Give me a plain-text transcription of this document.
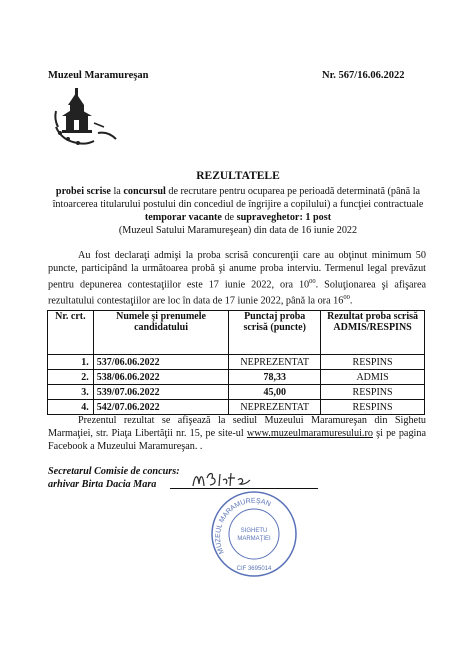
Muzeul Maramureşan	Nr. 567/16.06.2022
REZULTATELE
probei scrise la concursul de recrutare pentru ocuparea pe perioadă determinată (până la întoarcerea titularului postului din concediul de îngrijire a copilului) a funcţiei contractuale temporar vacante de supraveghetor: 1 post
(Muzeul Satului Maramureşean) din data de 16 iunie 2022
Au fost declaraţi admişi la proba scrisă concurenţii care au obţinut minimum 50 puncte, participând la următoarea probă şi anume proba interviu. Termenul legal prevăzut pentru depunerea contestaţiilor este 17 iunie 2022, ora $10^{00}$. Soluţionarea şi afişarea rezultatului contestaţiilor are loc în data de 17 iunie 2022, până la ora $16^{00}$.
Nr. crt.	Numele şi prenumele candidatului	Punctaj proba scrisă (puncte)	Rezultat proba scrisă
ADMIS/RESPINS
1.	537/06.06.2022	NEPREZENTAT	RESPINS
2.	538/06.06.2022	78,33	ADMIS
3.	539/07.06.2022	45,00	RESPINS
4.	542/07.06.2022	NEPREZENTAT	RESPINS
Prezentul rezultat se afişează la sediul Muzeului Maramureşan din Sighetu Marmaţiei, str. Piaţa Libertăţii nr. 15, pe site-ul www.muzeulmaramuresului.ro şi pe pagina Facebook a Muzeului Maramureşan. .
Secretarul Comisie de concurs:
arhivar Birta Dacia Mara
MUZEUL MARAMUREŞAN
SIGHETU
MARMAŢIEI
CIF 3695014
